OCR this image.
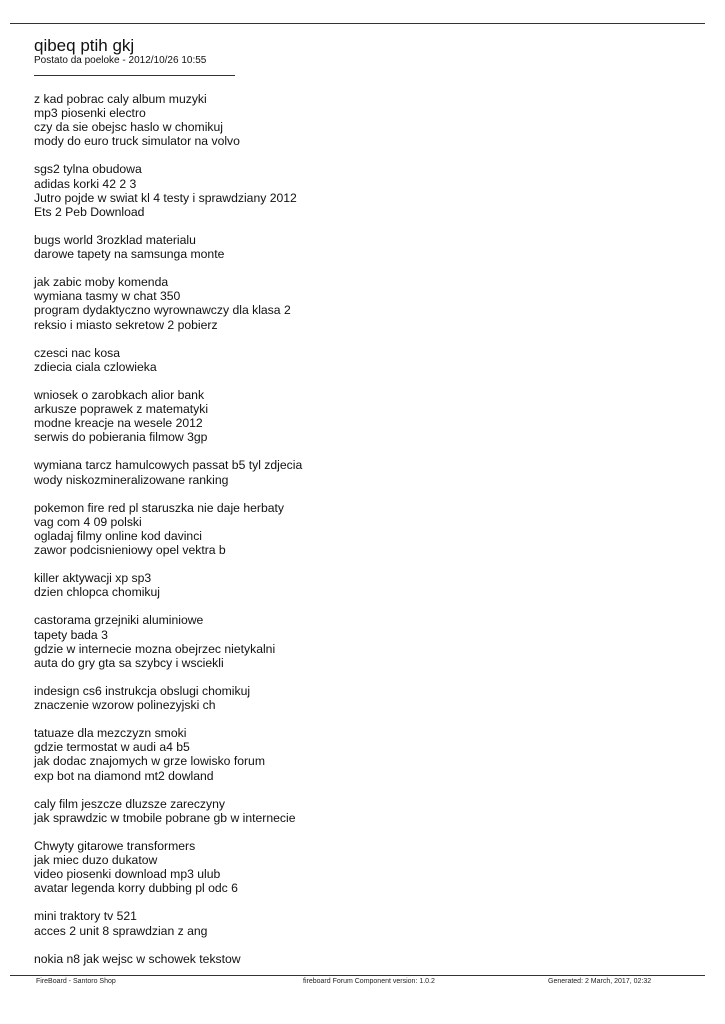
qibeq ptih gkj
Postato da poeloke - 2012/10/26 10:55
z kad pobrac caly album muzyki
mp3 piosenki electro
czy da sie obejsc haslo w chomikuj
mody do euro truck simulator na volvo
sgs2 tylna obudowa
adidas korki 42 2 3
Jutro pojde w swiat kl 4 testy i sprawdziany 2012
Ets 2 Peb Download
bugs world 3rozklad materialu
darowe tapety na samsunga monte
jak zabic moby komenda
wymiana tasmy w chat 350
program dydaktyczno wyrownawczy dla klasa 2
reksio i miasto sekretow 2 pobierz
czesci nac kosa
zdiecia ciala czlowieka
wniosek o zarobkach alior bank
arkusze poprawek z matematyki
modne kreacje na wesele 2012
serwis do pobierania filmow 3gp
wymiana tarcz hamulcowych passat b5 tyl zdjecia
wody niskozmineralizowane ranking
pokemon fire red pl staruszka nie daje herbaty
vag com 4 09 polski
ogladaj filmy online kod davinci
zawor podcisnieniowy opel vektra b
killer aktywacji xp sp3
dzien chlopca chomikuj
castorama grzejniki aluminiowe
tapety bada 3
gdzie w internecie mozna obejrzec nietykalni
auta do gry gta sa szybcy i wsciekli
indesign cs6 instrukcja obslugi chomikuj
znaczenie wzorow polinezyjski ch
tatuaze dla mezczyzn smoki
gdzie termostat w audi a4 b5
jak dodac znajomych w grze lowisko forum
exp bot na diamond mt2 dowland
caly film jeszcze dluzsze zareczyny
jak sprawdzic w tmobile pobrane gb w internecie
Chwyty gitarowe transformers
jak miec duzo dukatow
video piosenki download mp3 ulub
avatar legenda korry dubbing pl odc 6
mini traktory tv 521
acces 2 unit 8 sprawdzian z ang
nokia n8 jak wejsc w schowek tekstow
FireBoard - Santoro Shop	fireboard Forum Component version: 1.0.2	Generated: 2 March, 2017, 02:32
